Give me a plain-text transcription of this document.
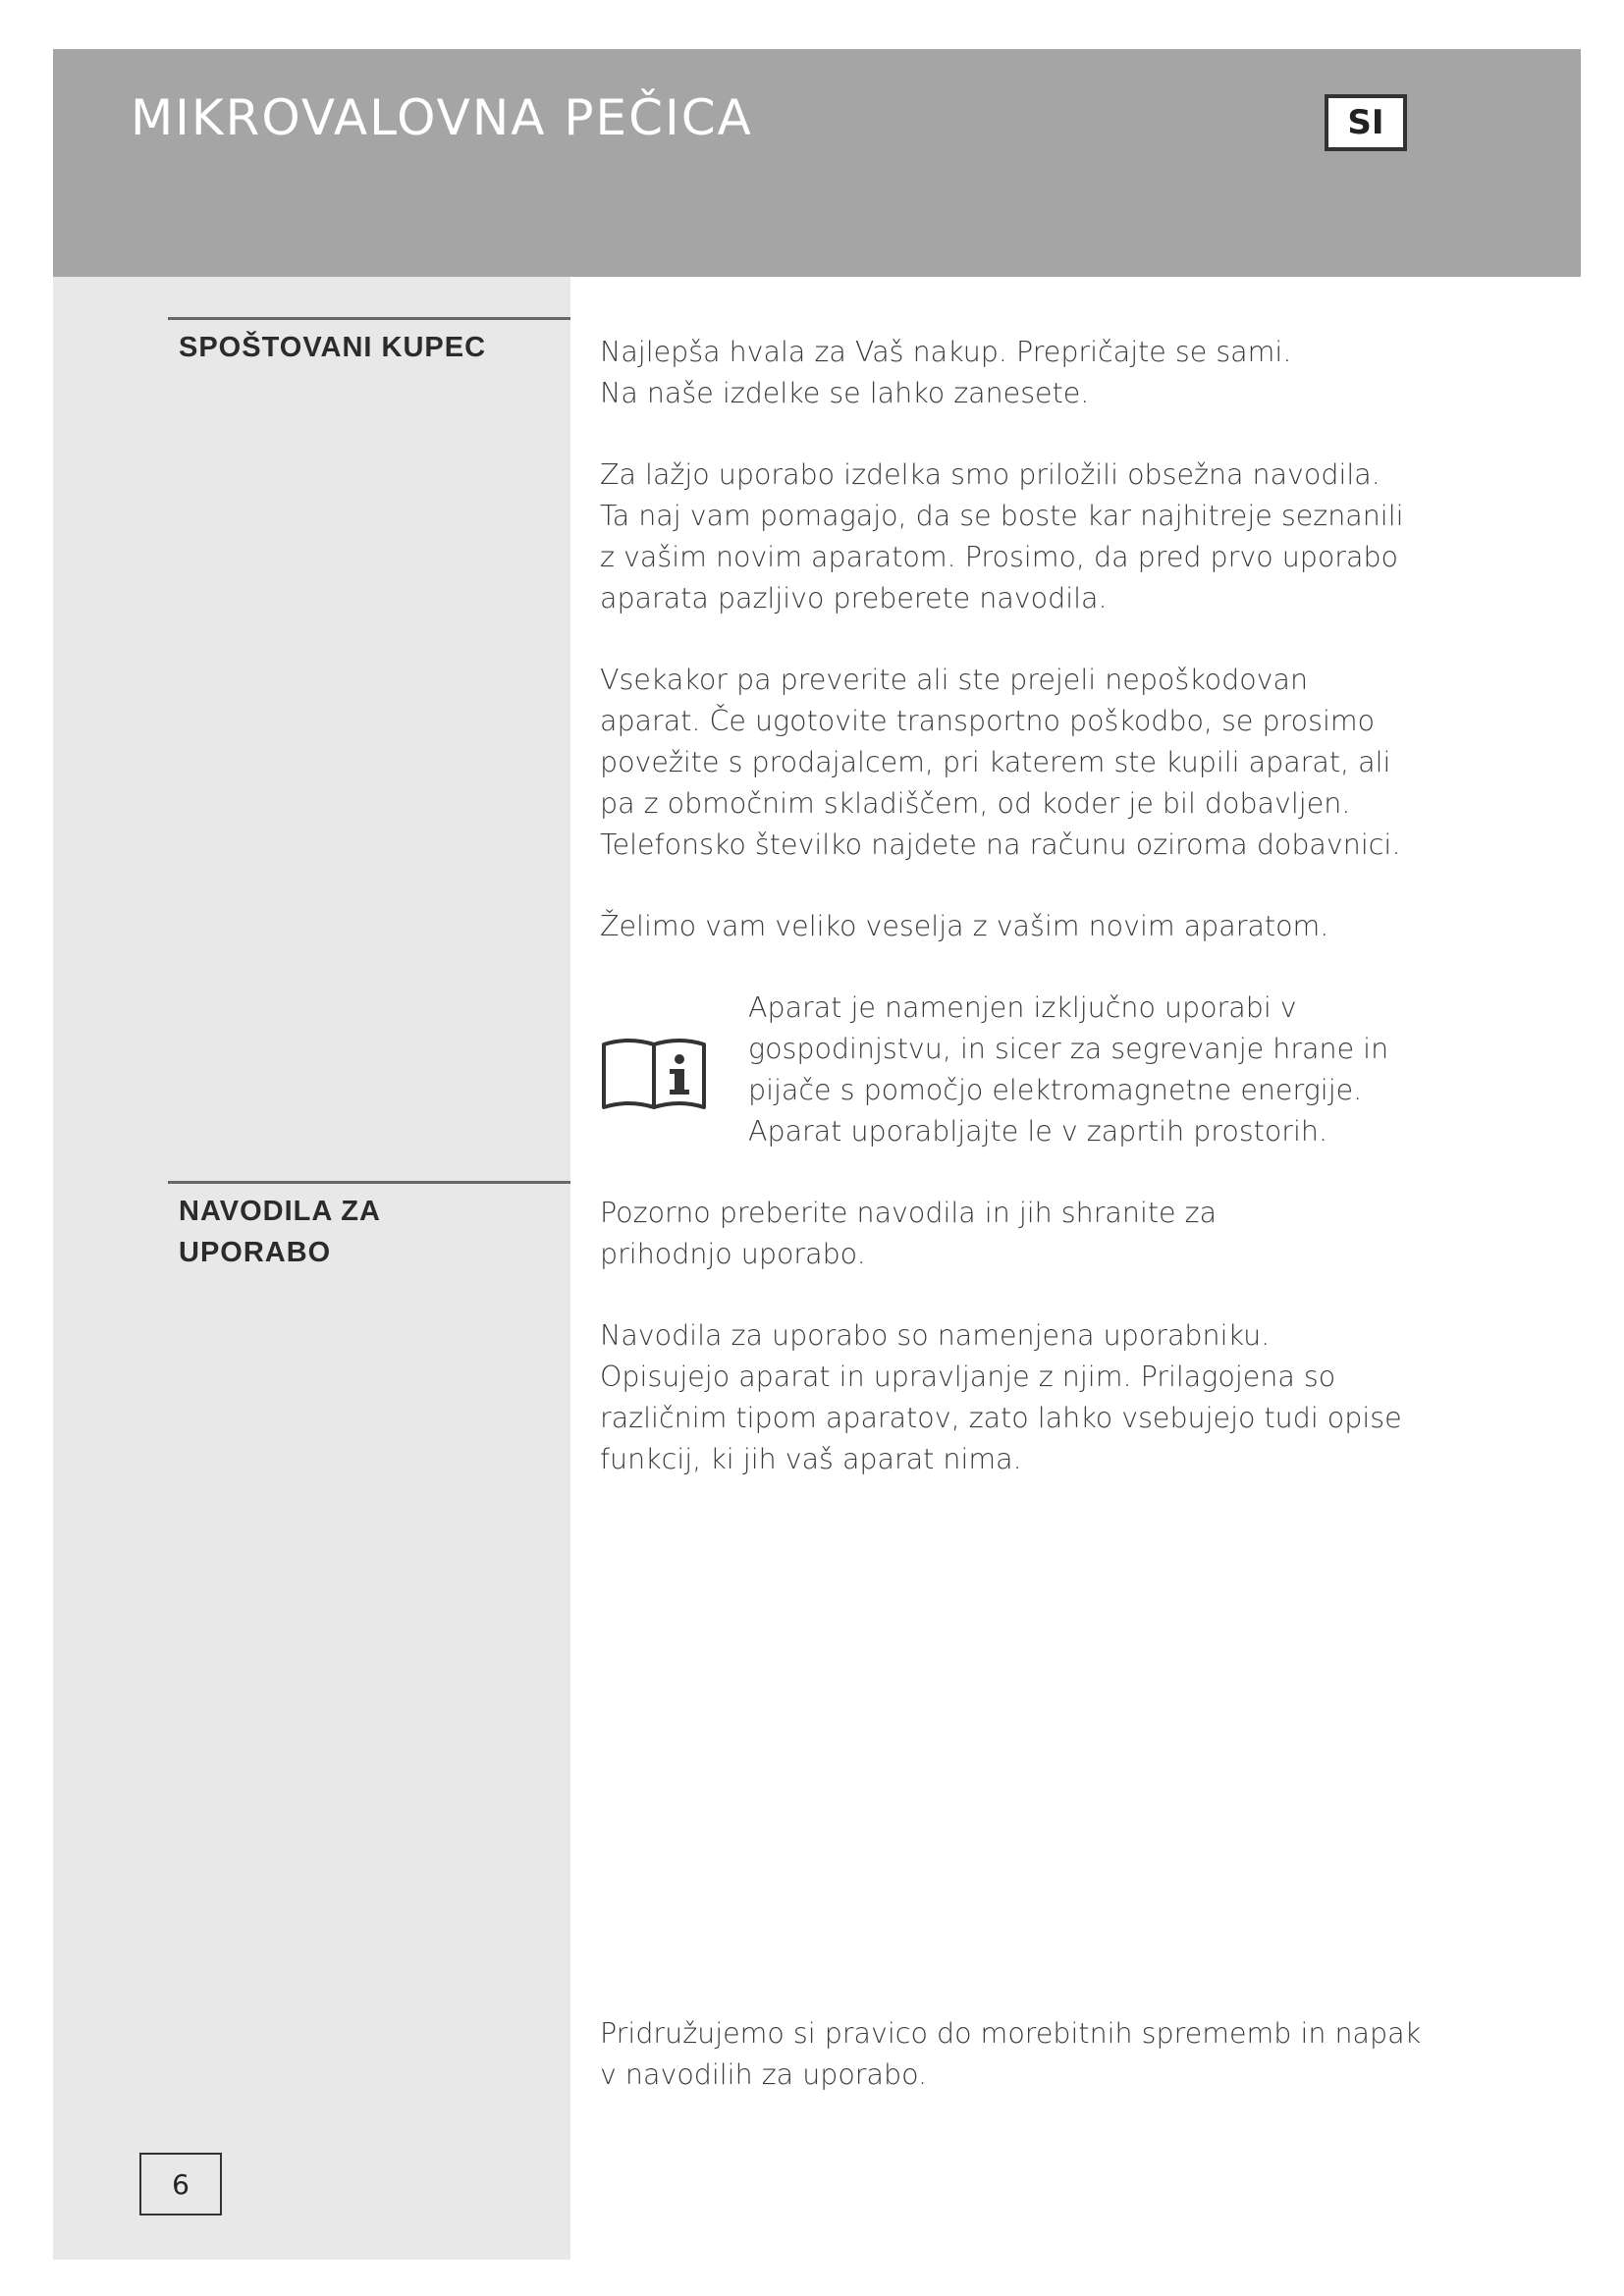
MIKROVALOVNA PEČICA	SI
SPOŠTOVANI KUPEC	Najlepša hvala za Vaš nakup. Prepričajte se sami.
Na naše izdelke se lahko zanesete.
Za lažjo uporabo izdelka smo priložili obsežna navodila.
Ta naj vam pomagajo, da se boste kar najhitreje seznanili
z vašim novim aparatom. Prosimo, da pred prvo uporabo
aparata pazljivo preberete navodila.
Vsekakor pa preverite ali ste prejeli nepoškodovan
aparat. Če ugotovite transportno poškodbo, se prosimo
povežite s prodajalcem, pri katerem ste kupili aparat, ali
pa z območnim skladiščem, od koder je bil dobavljen.
Telefonsko številko najdete na računu oziroma dobavnici.
Želimo vam veliko veselja z vašim novim aparatom.
Aparat je namenjen izključno uporabi v
gospodinjstvu, in sicer za segrevanje hrane in
pijače s pomočjo elektromagnetne energije.
Aparat uporabljajte le v zaprtih prostorih.
NAVODILA ZA
UPORABO
Pozorno preberite navodila in jih shranite za
prihodnjo uporabo.
Navodila za uporabo so namenjena uporabniku.
Opisujejo aparat in upravljanje z njim. Prilagojena so
različnim tipom aparatov, zato lahko vsebujejo tudi opise
funkcij, ki jih vaš aparat nima.
Pridružujemo si pravico do morebitnih sprememb in napak
v navodilih za uporabo.
6
